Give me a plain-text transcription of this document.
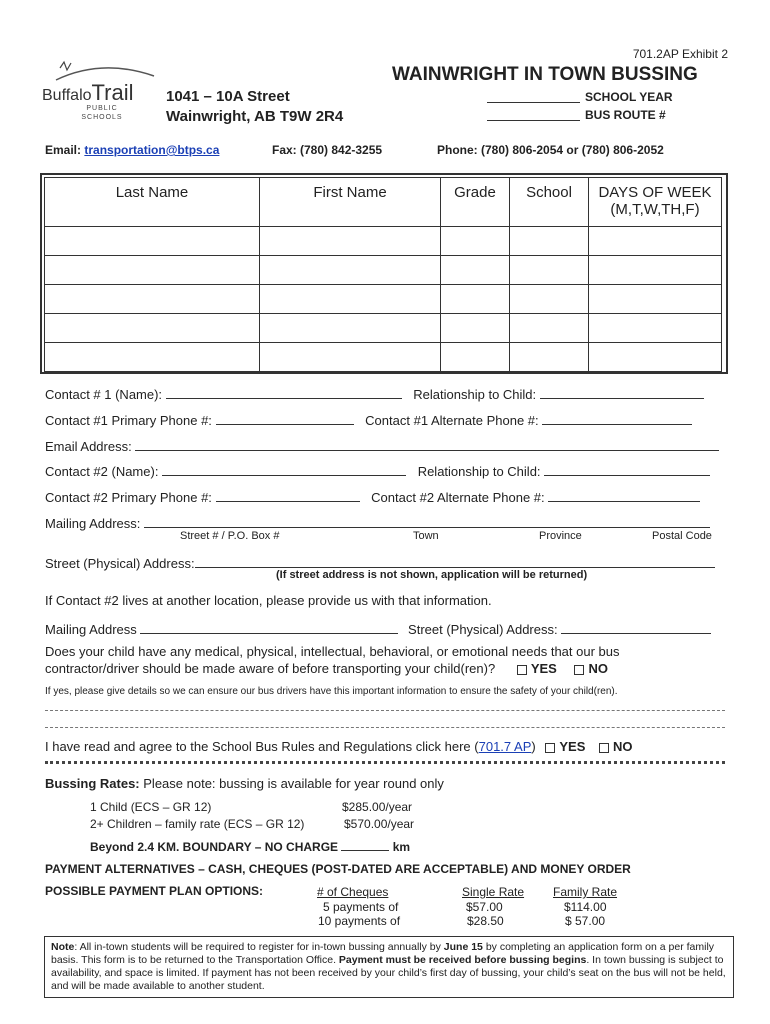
701.2AP Exhibit 2
BuffaloTrail
PUBLIC SCHOOLS
1041 – 10A Street
Wainwright, AB T9W 2R4
WAINWRIGHT IN TOWN BUSSING
SCHOOL YEAR
BUS ROUTE #
Email: transportation@btps.ca	Fax: (780) 842-3255	Phone: (780) 806-2054 or (780) 806-2052
Last Name	First Name	Grade	School	DAYS OF WEEK
(M,T,W,TH,F)

Contact # 1 (Name):	Relationship to Child:
Contact #1 Primary Phone #:	Contact #1 Alternate Phone #:
Email Address:
Contact #2 (Name):	Relationship to Child:
Contact #2 Primary Phone #:	Contact #2 Alternate Phone #:
Mailing Address:
Street # / P.O. Box #	Town	Province	Postal Code
Street (Physical) Address:
(If street address is not shown, application will be returned)
If Contact #2 lives at another location, please provide us with that information.
Mailing Address	Street (Physical) Address:
Does your child have any medical, physical, intellectual, behavioral, or emotional needs that our bus
contractor/driver should be made aware of before transporting your child(ren)?	YES NO
If yes, please give details so we can ensure our bus drivers have this important information to ensure the safety of your child(ren).
I have read and agree to the School Bus Rules and Regulations click here (701.7 AP) YES NO
Bussing Rates: Please note: bussing is available for year round only
1 Child (ECS – GR 12)	$285.00/year
2+ Children – family rate (ECS – GR 12)	$570.00/year
Beyond 2.4 KM. BOUNDARY – NO CHARGE	km
PAYMENT ALTERNATIVES – CASH, CHEQUES (POST-DATED ARE ACCEPTABLE) AND MONEY ORDER
POSSIBLE PAYMENT PLAN OPTIONS:	# of Cheques	Single Rate Family Rate
5 payments of	$57.00	$114.00
10 payments of	$28.50	$ 57.00
Note: All in-town students will be required to register for in-town bussing annually by June 15 by completing an application form on a per family basis. This form is to be returned to the Transportation Office. Payment must be received before bussing begins. In town bussing is subject to availability, and space is limited. If payment has not been received by your child’s first day of bussing, your child’s seat on the bus will not be held, and will be made available to another student.
